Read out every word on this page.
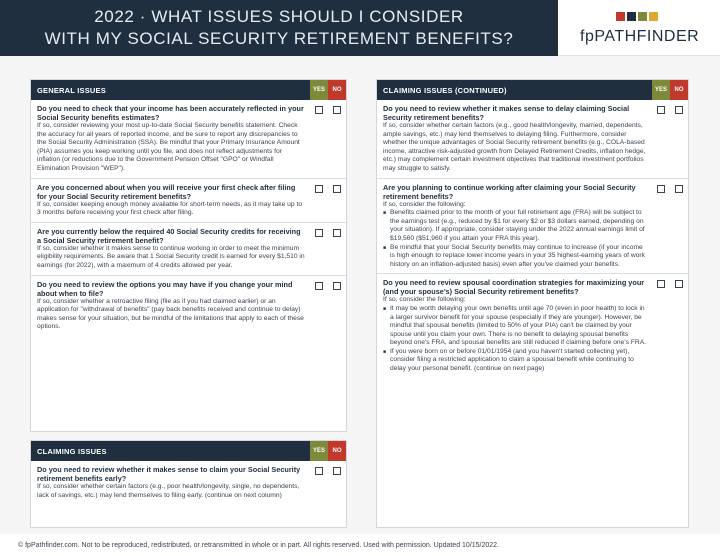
2022 · WHAT ISSUES SHOULD I CONSIDER
WITH MY SOCIAL SECURITY RETIREMENT BENEFITS?	fpPATHFINDER
GENERAL ISSUES	YES	NO
Do you need to check that your income has been accurately reflected in your Social Security benefits estimates?
If so, consider reviewing your most up-to-date Social Security benefits statement. Check the accuracy for all years of reported income, and be sure to report any discrepancies to the Social Security Administration (SSA). Be mindful that your Primary Insurance Amount (PIA) assumes you keep working until you file, and does not reflect adjustments for inflation (or reductions due to the Government Pension Offset "GPO" or Windfall Elimination Provision "WEP").
Are you concerned about when you will receive your first check after filing for your Social Security retirement benefits?
If so, consider keeping enough money available for short-term needs, as it may take up to 3 months before receiving your first check after filing.
Are you currently below the required 40 Social Security credits for receiving a Social Security retirement benefit?
If so, consider whether it makes sense to continue working in order to meet the minimum eligibility requirements. Be aware that 1 Social Security credit is earned for every $1,510 in earnings (for 2022), with a maximum of 4 credits allowed per year.
Do you need to review the options you may have if you change your mind about when to file?
If so, consider whether a retroactive filing (file as if you had claimed earlier) or an application for "withdrawal of benefits" (pay back benefits received and continue to delay) makes sense for your situation, but be mindful of the limitations that apply to each of these options.
CLAIMING ISSUES	YES	NO
Do you need to review whether it makes sense to claim your Social Security retirement benefits early?
If so, consider whether certain factors (e.g., poor health/longevity, single, no dependents, lack of savings, etc.) may lend themselves to filing early. (continue on next column)
CLAIMING ISSUES (CONTINUED)	YES	NO
Do you need to review whether it makes sense to delay claiming Social Security retirement benefits?
If so, consider whether certain factors (e.g., good health/longevity, married, dependents, ample savings, etc.) may lend themselves to delaying filing. Furthermore, consider whether the unique advantages of Social Security retirement benefits (e.g., COLA-based income, attractive risk-adjusted growth from Delayed Retirement Credits, inflation hedge, etc.) may complement certain investment objectives that traditional investment portfolios may struggle to satisfy.
Are you planning to continue working after claiming your Social Security retirement benefits?
If so, consider the following:
■ Benefits claimed prior to the month of your full retirement age (FRA) will be subject to the earnings test (e.g., reduced by $1 for every $2 or $3 dollars earned, depending on your situation). If appropriate, consider staying under the 2022 annual earnings limit of $19,560 ($51,960 if you attain your FRA this year).
■ Be mindful that your Social Security benefits may continue to increase (if your income is high enough to replace lower income years in your 35 highest-earning years of work history on an inflation-adjusted basis) even after you've claimed your benefits.
Do you need to review spousal coordination strategies for maximizing your (and your spouse's) Social Security retirement benefits?
If so, consider the following:
■ It may be worth delaying your own benefits until age 70 (even in poor health) to lock in a larger survivor benefit for your spouse (especially if they are younger). However, be mindful that spousal benefits (limited to 50% of your PIA) can't be claimed by your spouse until you claim your own. There is no benefit to delaying spousal benefits beyond one's FRA, and spousal benefits are still reduced if claiming before one's FRA.
■ If you were born on or before 01/01/1954 (and you haven't started collecting yet), consider filing a restricted application to claim a spousal benefit while continuing to delay your personal benefit. (continue on next page)
© fpPathfinder.com. Not to be reproduced, redistributed, or retransmitted in whole or in part. All rights reserved. Used with permission. Updated 10/15/2022.
